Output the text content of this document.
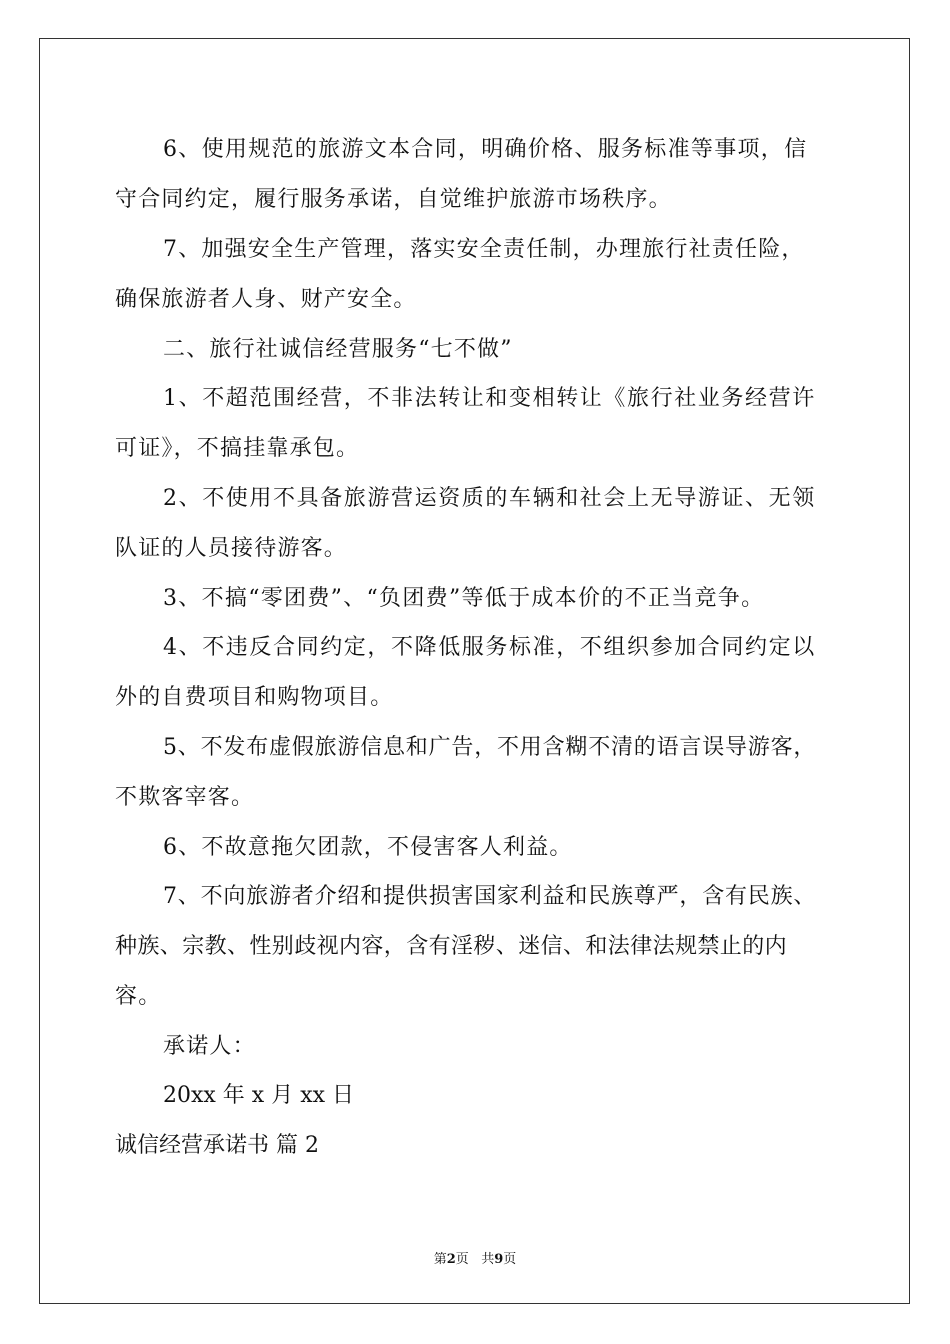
6、使用规范的旅游文本合同，明确价格、服务标准等事项，信
守合同约定，履行服务承诺，自觉维护旅游市场秩序。
7、加强安全生产管理，落实安全责任制，办理旅行社责任险，
确保旅游者人身、财产安全。
二、旅行社诚信经营服务“七不做”
1、不超范围经营，不非法转让和变相转让《旅行社业务经营许
可证》，不搞挂靠承包。
2、不使用不具备旅游营运资质的车辆和社会上无导游证、无领
队证的人员接待游客。
3、不搞“零团费”、“负团费”等低于成本价的不正当竞争。
4、不违反合同约定，不降低服务标准，不组织参加合同约定以
外的自费项目和购物项目。
5、不发布虚假旅游信息和广告，不用含糊不清的语言误导游客，
不欺客宰客。
6、不故意拖欠团款，不侵害客人利益。
7、不向旅游者介绍和提供损害国家利益和民族尊严，含有民族、
种族、宗教、性别歧视内容，含有淫秽、迷信、和法律法规禁止的内
容。
承诺人：
20xx 年 x 月 xx 日
诚信经营承诺书 篇 2
第2页 共9页
